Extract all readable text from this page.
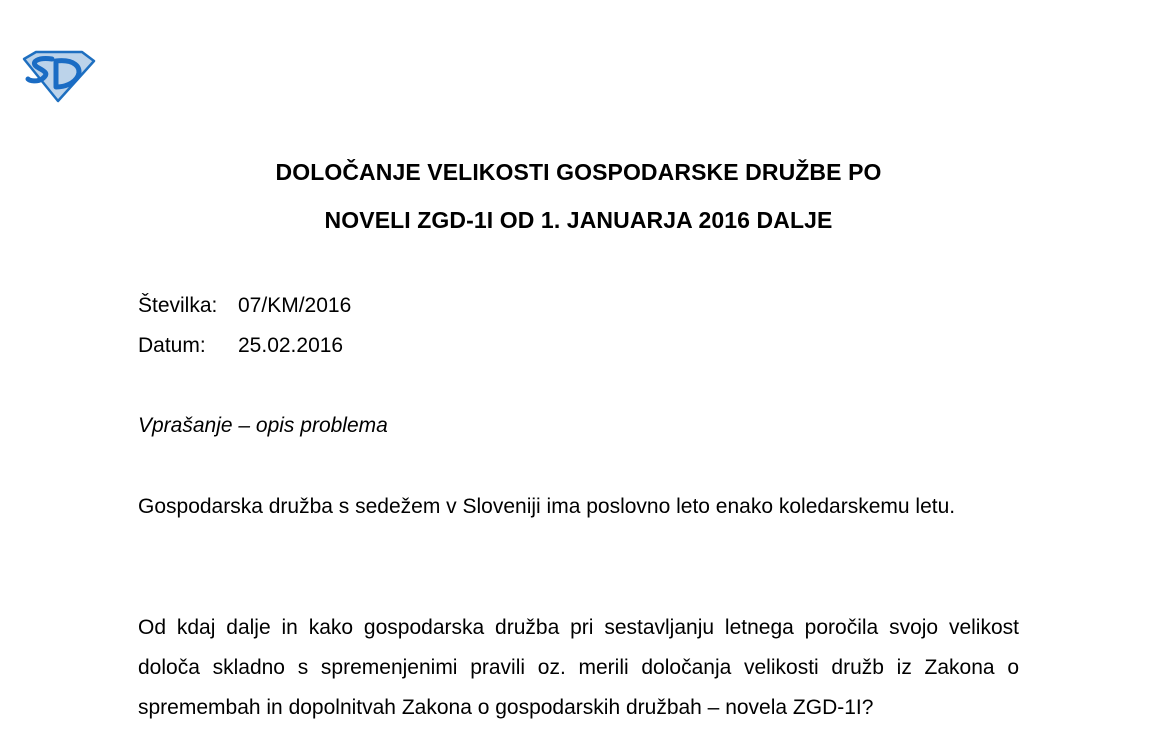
DOLOČANJE VELIKOSTI GOSPODARSKE DRUŽBE PO
NOVELI ZGD-1I OD 1. JANUARJA 2016 DALJE
Številka: 07/KM/2016
Datum: 25.02.2016
Vprašanje – opis problema

Gospodarska družba s sedežem v Sloveniji ima poslovno leto enako koledarskemu letu.

Od kdaj dalje in kako gospodarska družba pri sestavljanju letnega poročila svojo velikost določa skladno s spremenjenimi pravili oz. merili določanja velikosti družb iz Zakona o spremembah in dopolnitvah Zakona o gospodarskih družbah – novela ZGD-1I?
